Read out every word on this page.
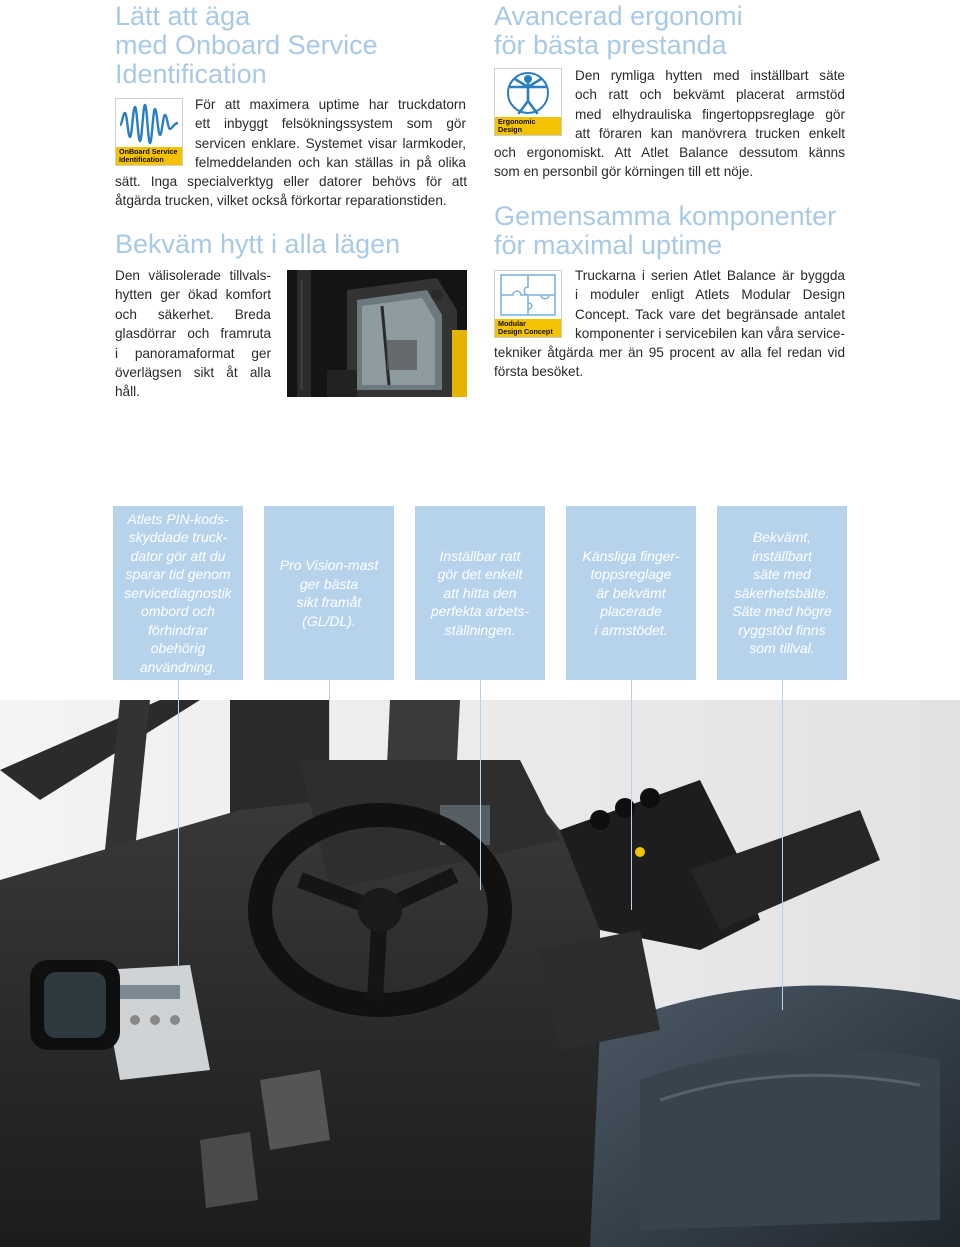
Lätt att äga
med Onboard Service
Identification
OnBoard Service
Identification
För att maximera uptime har truckdatorn
ett inbyggt felsökningssystem som gör
servicen enklare. Systemet visar larmkoder,
felmeddelanden och kan ställas in på olika
sätt. Inga specialverktyg eller datorer behövs för att
åtgärda trucken, vilket också förkortar reparationstiden.
Bekväm hytt i alla lägen
Den välisolerade tillvals-
hytten ger ökad komfort
och säkerhet. Breda
glasdörrar och framruta
i panoramaformat ger
överlägsen sikt åt alla
håll.
Avancerad ergonomi
för bästa prestanda
Ergonomic
Design
Den rymliga hytten med inställbart säte
och ratt och bekvämt placerat armstöd
med elhydrauliska fingertoppsreglage gör
att föraren kan manövrera trucken enkelt
och ergonomiskt. Att Atlet Balance dessutom känns
som en personbil gör körningen till ett nöje.
Gemensamma komponenter
för maximal uptime
Modular
Design Concept
Truckarna i serien Atlet Balance är byggda
i moduler enligt Atlets Modular Design
Concept. Tack vare det begränsade antalet
komponenter i servicebilen kan våra service-
tekniker åtgärda mer än 95 procent av alla fel redan vid
första besöket.
Atlets PIN-kods-
skyddade truck-
dator gör att du
sparar tid genom
servicediagnostik
ombord och
förhindrar obehörig
användning.
Pro Vision-mast
ger bästa
sikt framåt
(GL/DL).
Inställbar ratt
gör det enkelt
att hitta den
perfekta arbets-
ställningen.
Känsliga finger-
toppsreglage
är bekvämt
placerade
i armstödet.
Bekvämt,
inställbart
säte med
säkerhetsbälte.
Säte med högre
ryggstöd finns
som tillval.
